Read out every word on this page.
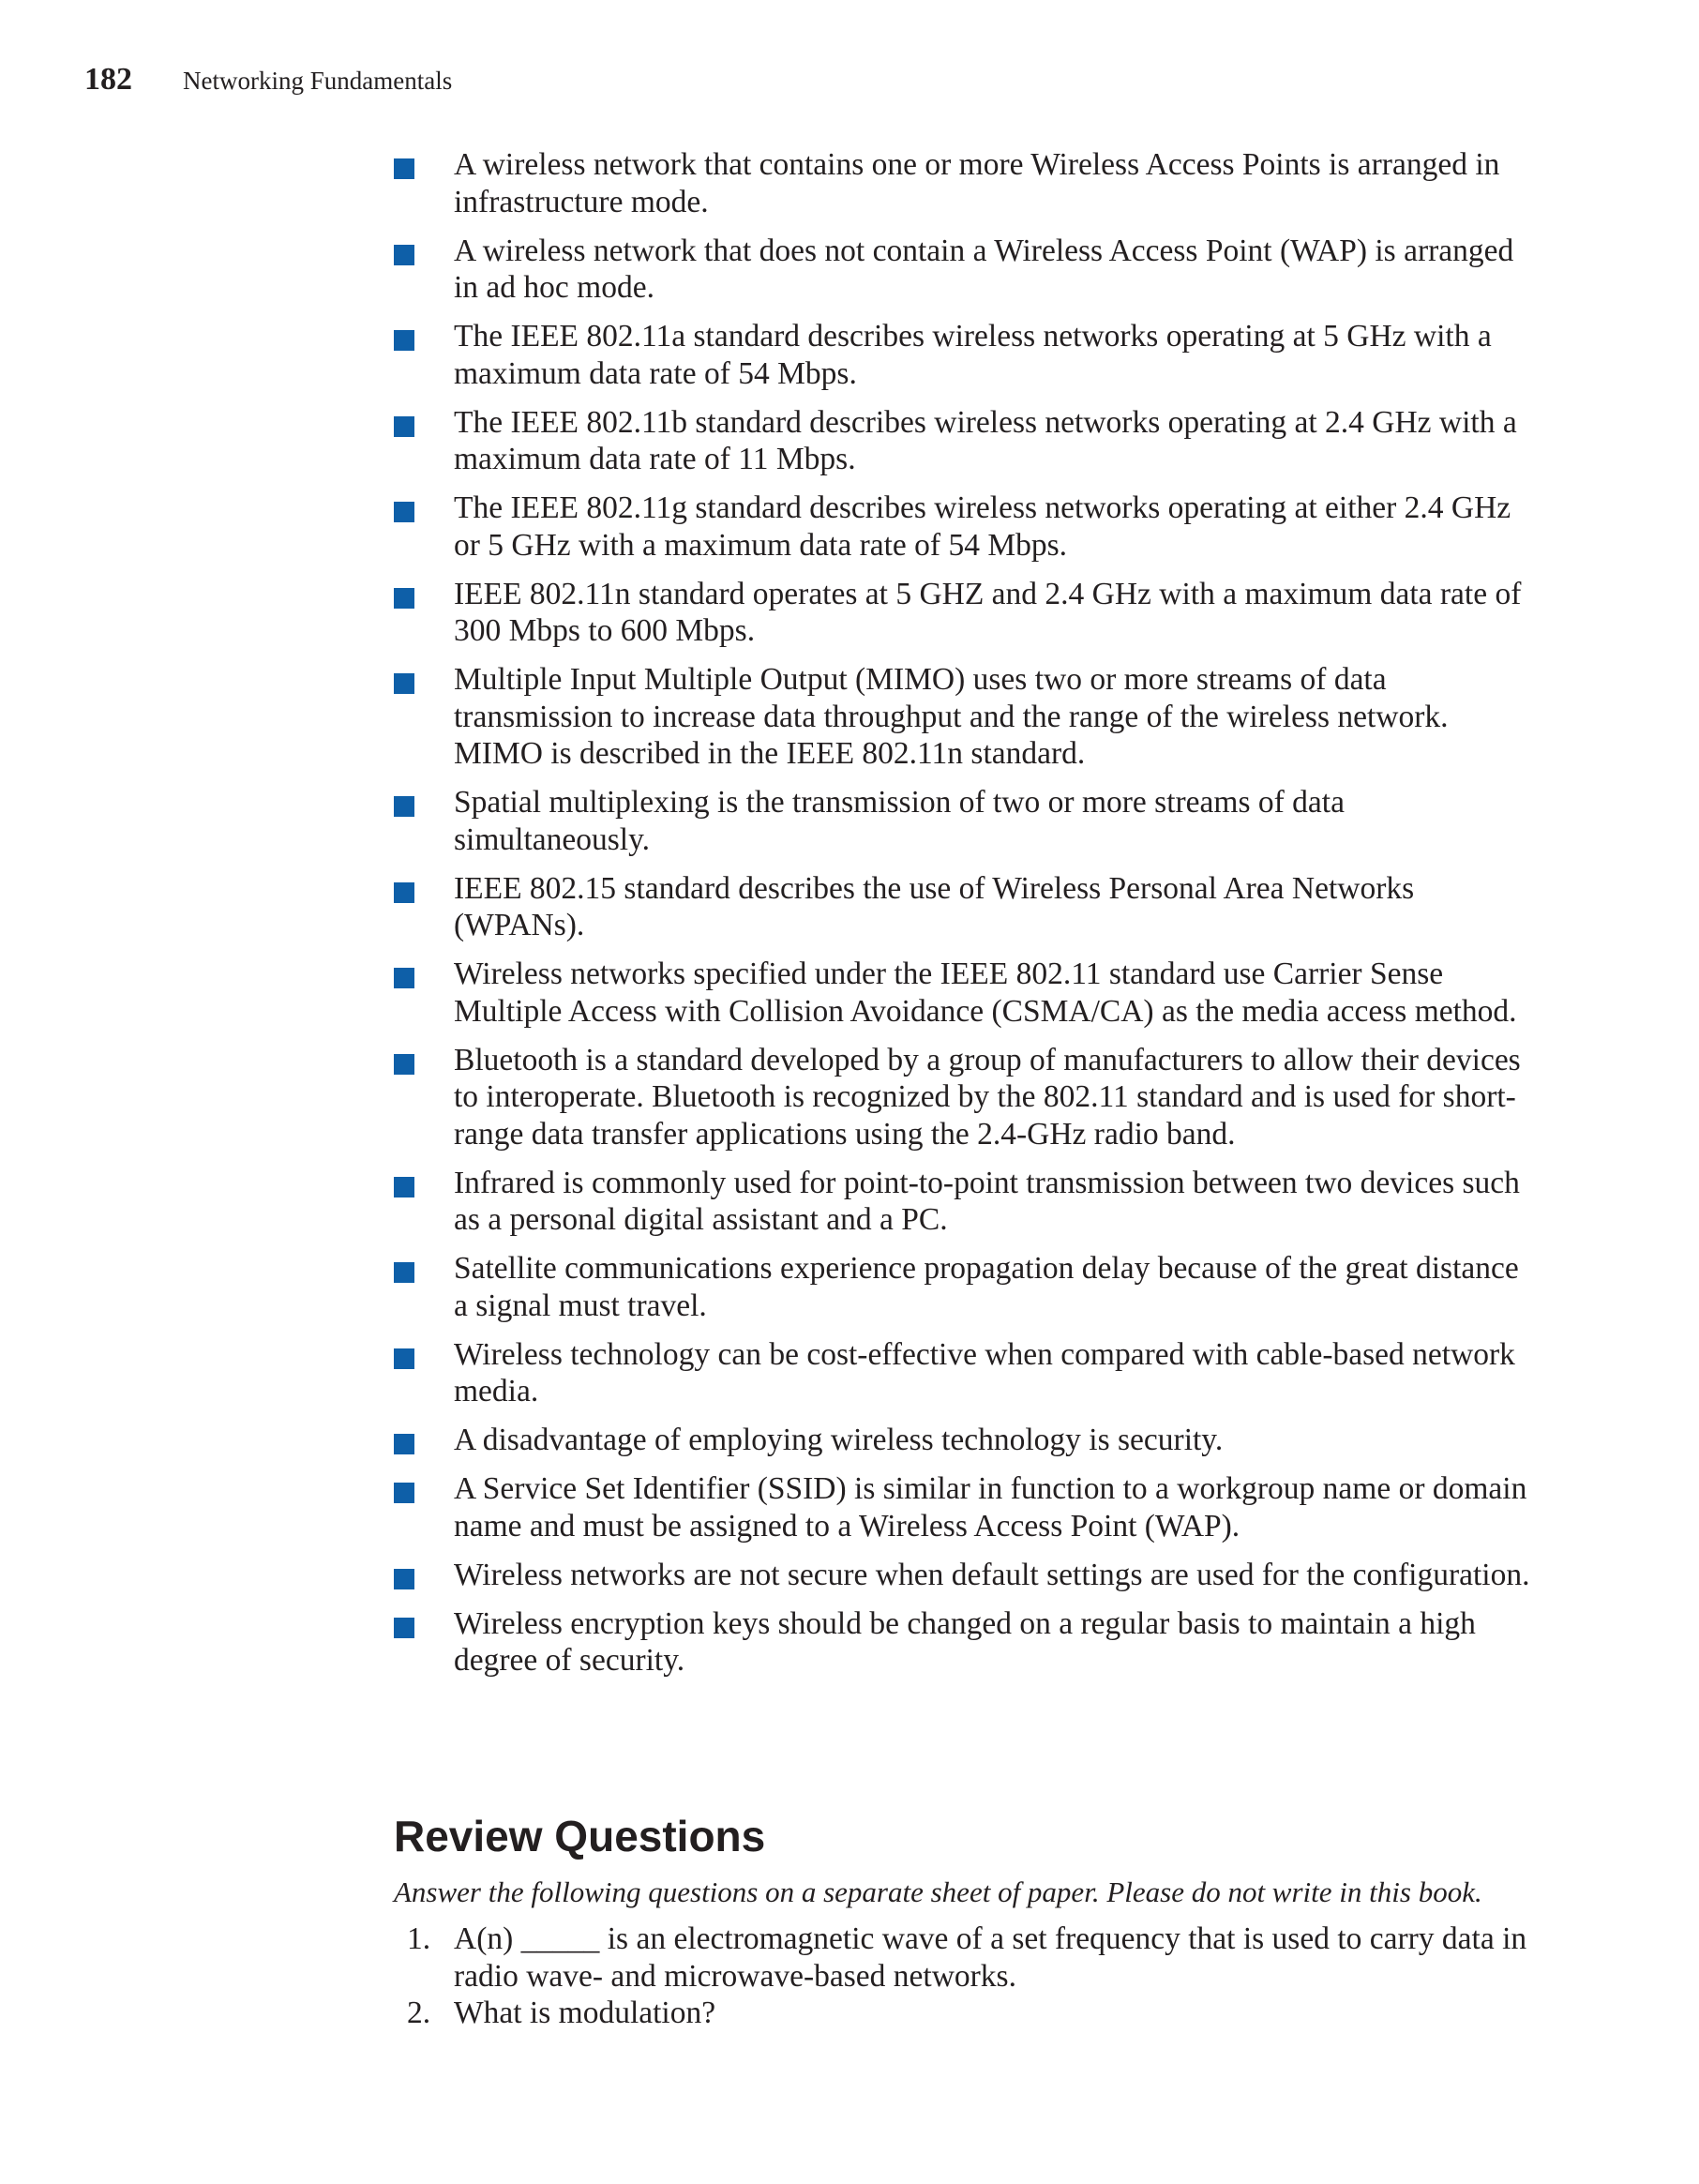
182 Networking Fundamentals
A wireless network that contains one or more Wireless Access Points is arranged in infrastructure mode.
A wireless network that does not contain a Wireless Access Point (WAP) is arranged in ad hoc mode.
The IEEE 802.11a standard describes wireless networks operating at 5 GHz with a maximum data rate of 54 Mbps.
The IEEE 802.11b standard describes wireless networks operating at 2.4 GHz with a maximum data rate of 11 Mbps.
The IEEE 802.11g standard describes wireless networks operating at either 2.4 GHz or 5 GHz with a maximum data rate of 54 Mbps.
IEEE 802.11n standard operates at 5 GHZ and 2.4 GHz with a maximum data rate of 300 Mbps to 600 Mbps.
Multiple Input Multiple Output (MIMO) uses two or more streams of data transmission to increase data throughput and the range of the wireless network. MIMO is described in the IEEE 802.11n standard.
Spatial multiplexing is the transmission of two or more streams of data simultaneously.
IEEE 802.15 standard describes the use of Wireless Personal Area Networks (WPANs).
Wireless networks specified under the IEEE 802.11 standard use Carrier Sense Multiple Access with Collision Avoidance (CSMA/CA) as the media access method.
Bluetooth is a standard developed by a group of manufacturers to allow their devices to interoperate. Bluetooth is recognized by the 802.11 standard and is used for short-range data transfer applications using the 2.4-GHz radio band.
Infrared is commonly used for point-to-point transmission between two devices such as a personal digital assistant and a PC.
Satellite communications experience propagation delay because of the great distance a signal must travel.
Wireless technology can be cost-effective when compared with cable-based network media.
A disadvantage of employing wireless technology is security.
A Service Set Identifier (SSID) is similar in function to a workgroup name or domain name and must be assigned to a Wireless Access Point (WAP).
Wireless networks are not secure when default settings are used for the configuration.
Wireless encryption keys should be changed on a regular basis to maintain a high degree of security.
Review Questions

Answer the following questions on a separate sheet of paper. Please do not write in this book.

1. A(n) _____ is an electromagnetic wave of a set frequency that is used to carry data in radio wave- and microwave-based networks.
2. What is modulation?
